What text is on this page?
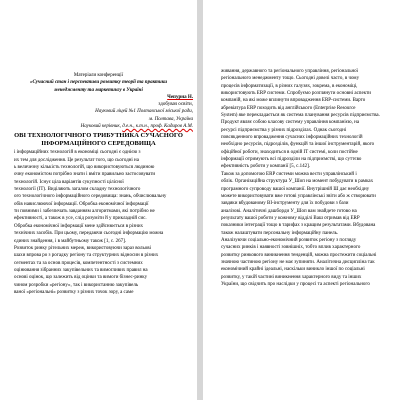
Матеріали конференції
«Сучасний стан і перспективи розвитку теорії та практики
менеджменту та маркетингу в Україні
Чепурна Н.
здобувач освіти,
Науковий ліцей №1 Полтавської міської ради,
м. Полтава, Україна
Науковий керівник, д.е.н., к.т.н., проф. Кадиров А.М.
ОВІ ТЕХНОЛОГІЧНОГО ТРИБУТНИКА СУЧАСНОГО
ІНФОРМАЦІЙНОГО СЕРЕДОВИЩА
і інформаційних технологій в економіці сьогодні є однією з
их тем для дослідження. Це результат того, що сьогодні на
ь величезну кількість технологій, що використовуються людиною
очну економістом потрібно знати і вміти правильно застосовувати
технологій. Існує ціла варіантів сукупності цілісної
технології (ІТ). Виділяють загалом складну технологічного
ого технологічного інформаційного середовища: знань, обчислювальну
обів навислюючої інформації. Обробка економічної інформації
ти повними і забезпечать завданням алгоритмами, які потрібно не
ефективності, а також в усе, слід розуміти й у прикладній сис.
Обробка економічної інформації мене здійснюється в різних
технічних засобів. При цьому, передаючи сьогодні інформацію можна
єдиних знайдення, і в майбутньому також [1, с. 267].
Розвиток ринку рітельних мереж, використовуючи зараз вольові
шахи впрова ро з рогадку регіону та структурних відносин в різних
сегментах та за основ процесів, компетентності з системних
оцінювання зібранних закупівельних та вимогливих правил на
основі оцінок, що залежить від оцінки та вимоги бізнес-ринку
чином розробки «регіону», так і використанню закупівель
ваної «регіональні» розвитку з різних точок зору, а саме
живання, державного та регіонального управління, регіональної
регіонального менеджменту тощо. Сьогодні довелі часто, в чому
процесів інформатизації, в різних галузях, зокрема, в економіці,
використовують ERP системи. Спробуємо розглянути основні аспекти
компаній, на які може вплинути впровадження ERP-системи. Варто
абревіатура ERP походить від англійського (Enterprise Resource
System) яке перекладається як система планування ресурсів підприємства.
Продукт являє собою класову систему управління компанією, на
ресурсі підприємства у різних підрозділах. Однак сьогодні
повсякденного впровадження сучасних інформаційних технологій
необхідно ресурсів, підрозділів, функцій та іншої інструментарій, якого
офіційної роботи, знаходиться в одній ІТ системі, коли постійне
інформації отримують всі підрозділи на підприємстві, що суттєво
ефективність роботи у компанії [5, с.142].
Також за допомогою ERP системи можна вести управлінський і
облік. Організаційна структура У_Шоп на момент побудувати в рамках
програмного супроводу вашої компанії. Внутрішній Ш дає необхідну
можете використовувати вже готові управлінські звіти або ж створювати
завдяки вбудованому ВІ-інструменту для їх побудови з бази
аналізові. Аналітичні дашборди У_Шоп вам знайдете готово на
результату вашої роботи у кожному відділі Ваш отримав від ERP
показники інтеграції тощо в тарифах з кращим результатами. Вбудована
також налаштувати персональну інформаційну панель.
Аналізуючи соціально-економічний розвиток регіону з погляду
сучасних ринків і наявності зовнішніх, тобто вплив характерного
розвитку ринкового виникнення тенденцій, можна простежити соціальні
значною частиною регіону не має зупиняти. Аналітична дисципліна так
економічний крайні ідеальні, наскільки виникло іншої по соціальні
розвитку, у такій частині виникнення характерного виду та інших
України, що свідчить про наслідки у процесі та аспекті регіонального
